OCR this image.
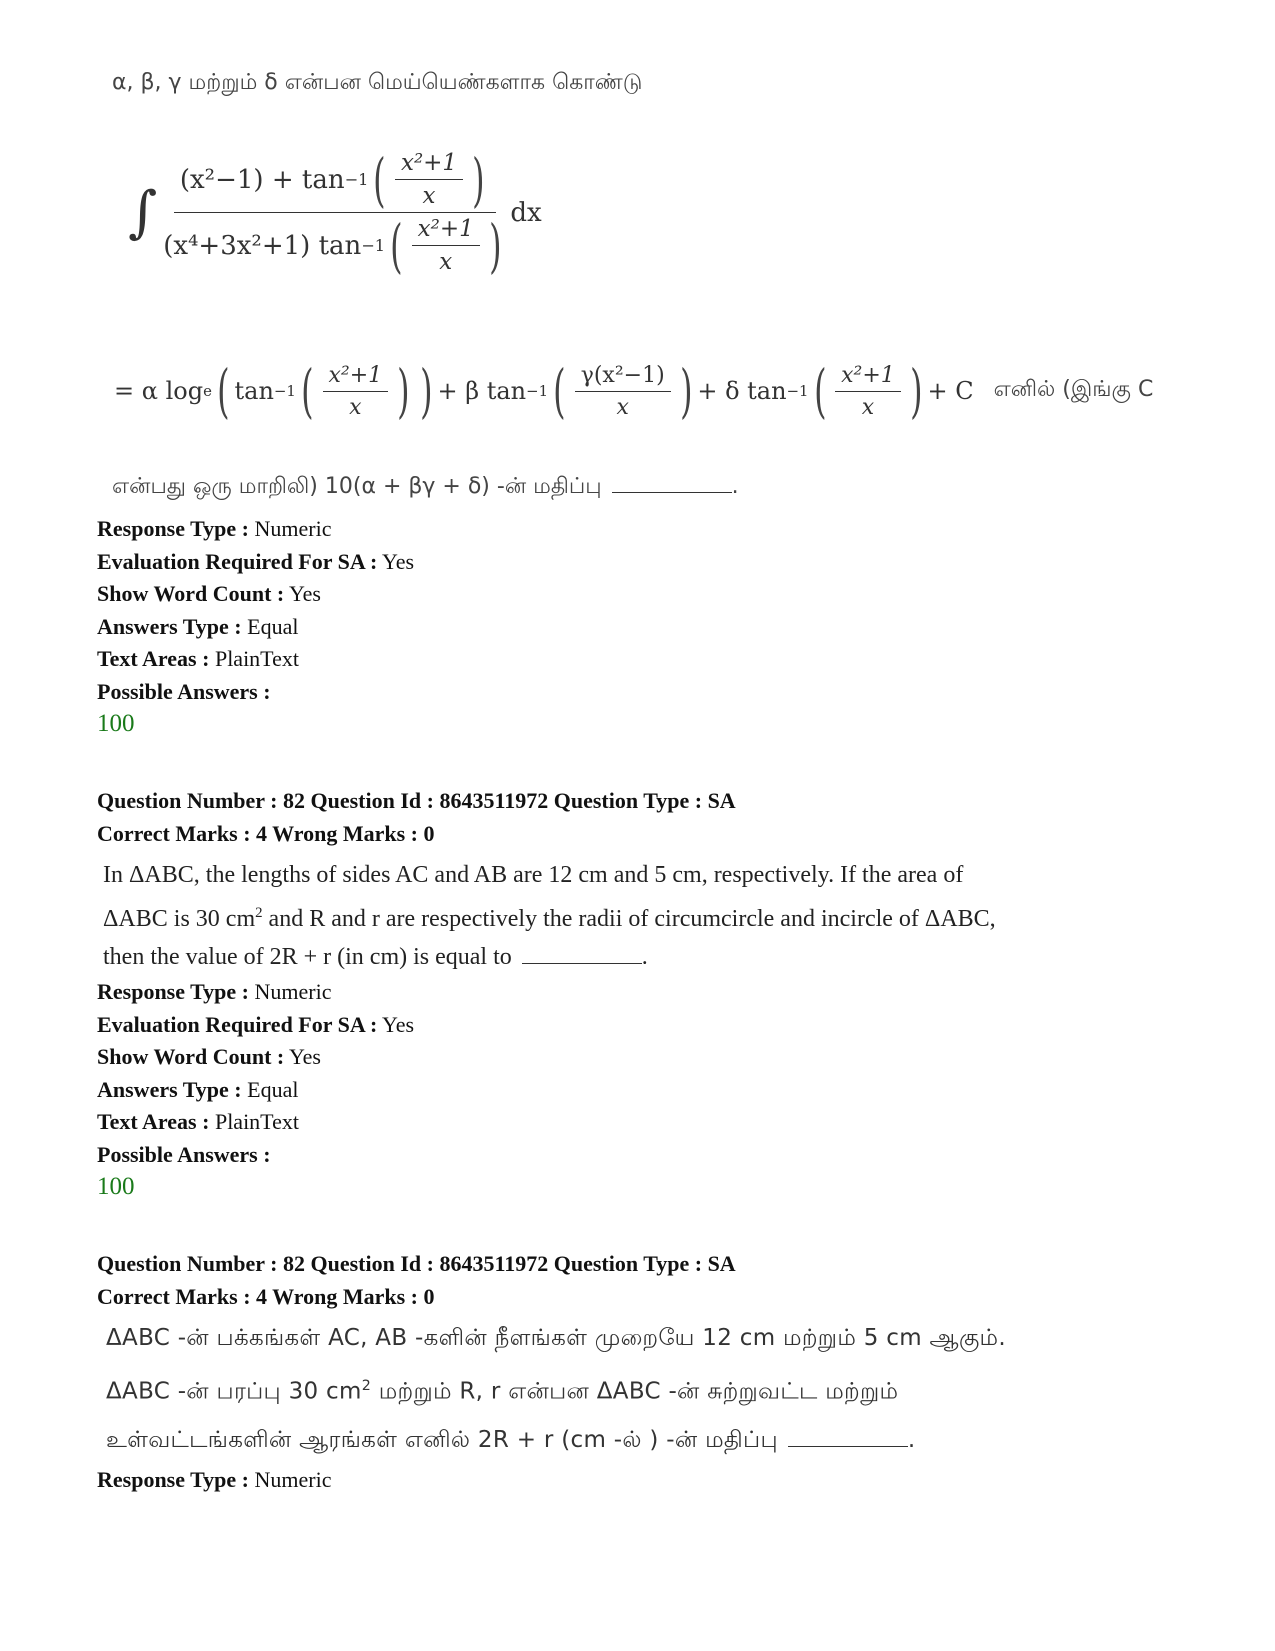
α, β, γ மற்றும் δ என்பன மெய்யெண்களாக கொண்டு
∫ $\frac{(x^2-1) + \tan -1 ( \frac{\text{x²+1}}{x} )}{(x^4+3x^2+1) \tan -1 ( \frac{\text{x²+1}}{x} )}$ dx
= α log e ( tan −1 ( $\frac{\text{x²+1}}{x}$ ) ) + β tan −1 ( $\frac{\text{γ(x²−1)}}{x}$ ) + δ tan −1 ( $\frac{\text{x²+1}}{x}$ ) + C எனில் (இங்கு C
என்பது ஒரு மாறிலி) 10(α + βγ + δ) -ன் மதிப்பு	.
Response Type : Numeric
Evaluation Required For SA : Yes
Show Word Count : Yes
Answers Type : Equal
Text Areas : PlainText
Possible Answers :
100
Question Number : 82 Question Id : 8643511972 Question Type : SA
Correct Marks : 4 Wrong Marks : 0
In ΔABC, the lengths of sides AC and AB are 12 cm and 5 cm, respectively. If the area of
ΔABC is 30 $cm^2$ and R and r are respectively the radii of circumcircle and incircle of ΔABC,
then the value of 2R + r (in cm) is equal to	.
Response Type : Numeric
Evaluation Required For SA : Yes
Show Word Count : Yes
Answers Type : Equal
Text Areas : PlainText
Possible Answers :
100
Question Number : 82 Question Id : 8643511972 Question Type : SA
Correct Marks : 4 Wrong Marks : 0
ΔABC -ன் பக்கங்கள் AC, AB -களின் நீளங்கள் முறையே 12 cm மற்றும் 5 cm ஆகும்.
ΔABC -ன் பரப்பு 30 $cm^2$ மற்றும் R, r என்பன ΔABC -ன் சுற்றுவட்ட மற்றும்
உள்வட்டங்களின் ஆரங்கள் எனில் 2R + r (cm -ல் ) -ன் மதிப்பு	.
Response Type : Numeric
